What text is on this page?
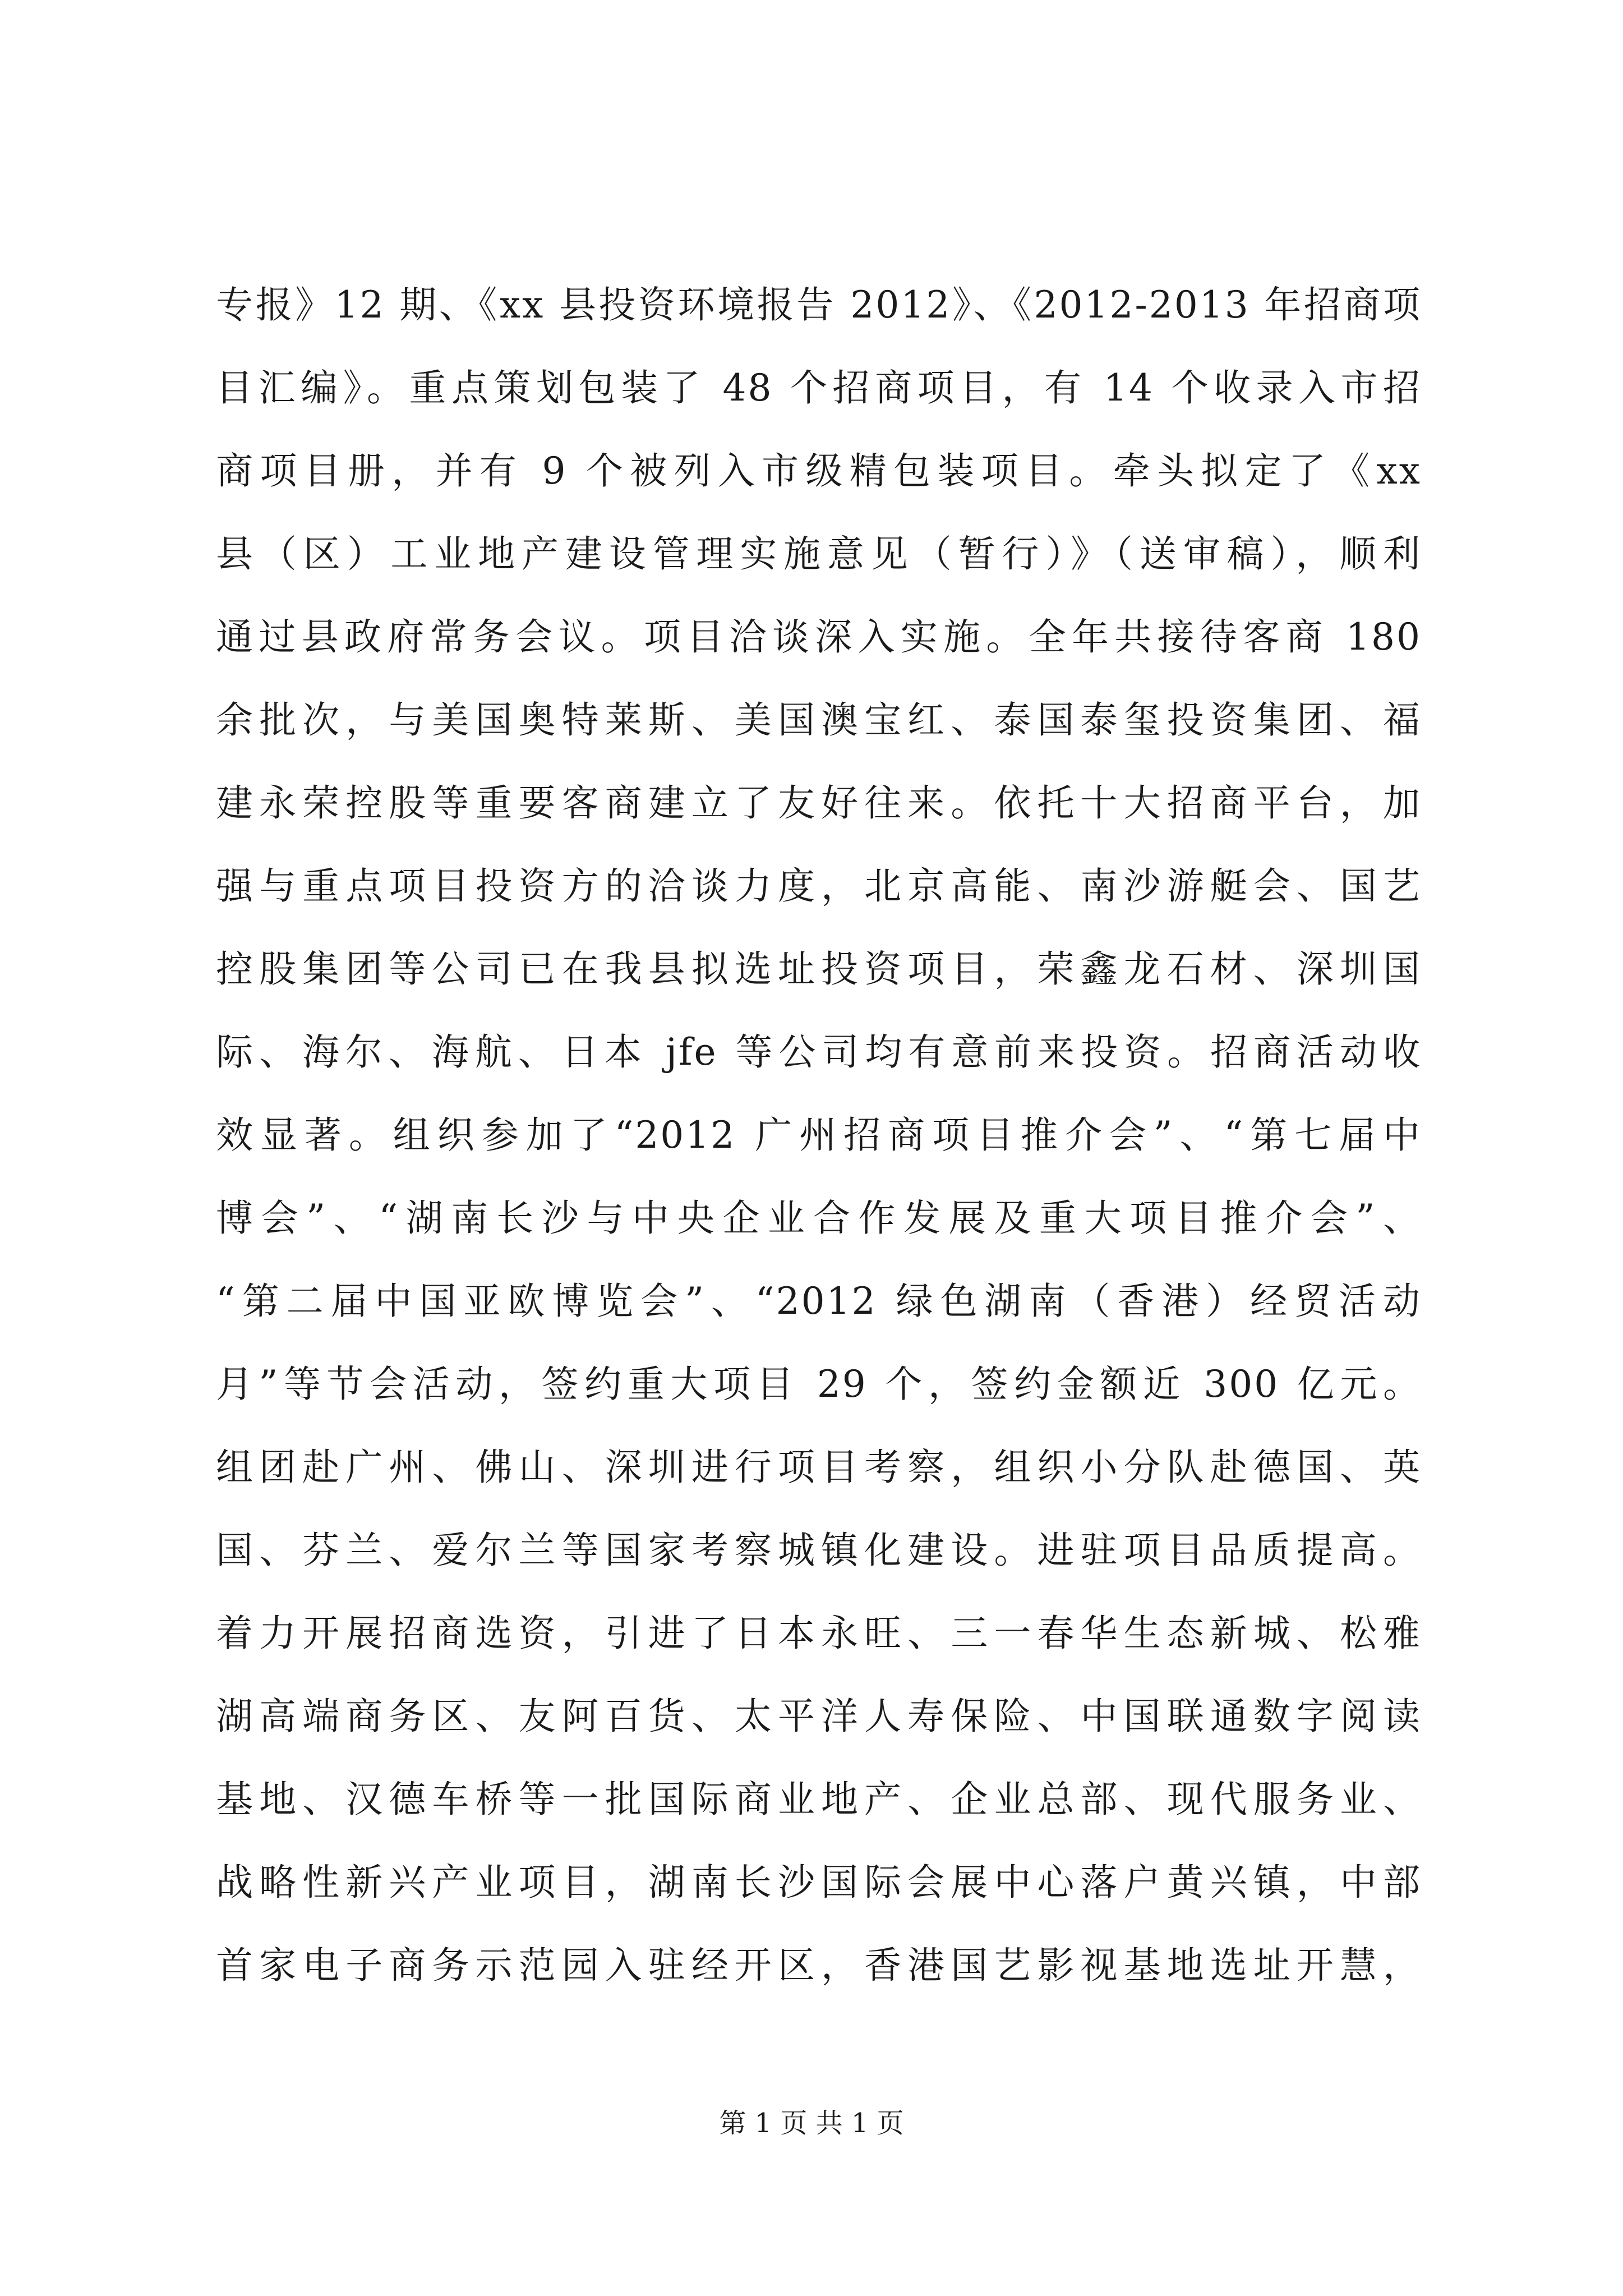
专报》12 期、《xx 县投资环境报告 2012》、《2012-2013 年招商项
目汇编》。重点策划包装了 48 个招商项目，有 14 个收录入市招
商项目册，并有 9 个被列入市级精包装项目。牵头拟定了《xx
县（区）工业地产建设管理实施意见（暂行）》（送审稿），顺利
通过县政府常务会议。项目洽谈深入实施。全年共接待客商 180
余批次，与美国奥特莱斯、美国澳宝红、泰国泰玺投资集团、福
建永荣控股等重要客商建立了友好往来。依托十大招商平台，加
强与重点项目投资方的洽谈力度，北京高能、南沙游艇会、国艺
控股集团等公司已在我县拟选址投资项目，荣鑫龙石材、深圳国
际、海尔、海航、日本 jfe 等公司均有意前来投资。招商活动收
效显著。组织参加了“2012 广州招商项目推介会”、“第七届中
博会”、“湖南长沙与中央企业合作发展及重大项目推介会”、
“第二届中国亚欧博览会”、“2012 绿色湖南（香港）经贸活动
月”等节会活动，签约重大项目 29 个，签约金额近 300 亿元。
组团赴广州、佛山、深圳进行项目考察，组织小分队赴德国、英
国、芬兰、爱尔兰等国家考察城镇化建设。进驻项目品质提高。
着力开展招商选资，引进了日本永旺、三一春华生态新城、松雅
湖高端商务区、友阿百货、太平洋人寿保险、中国联通数字阅读
基地、汉德车桥等一批国际商业地产、企业总部、现代服务业、
战略性新兴产业项目，湖南长沙国际会展中心落户黄兴镇，中部
首家电子商务示范园入驻经开区，香港国艺影视基地选址开慧，
第 1 页 共 1 页
